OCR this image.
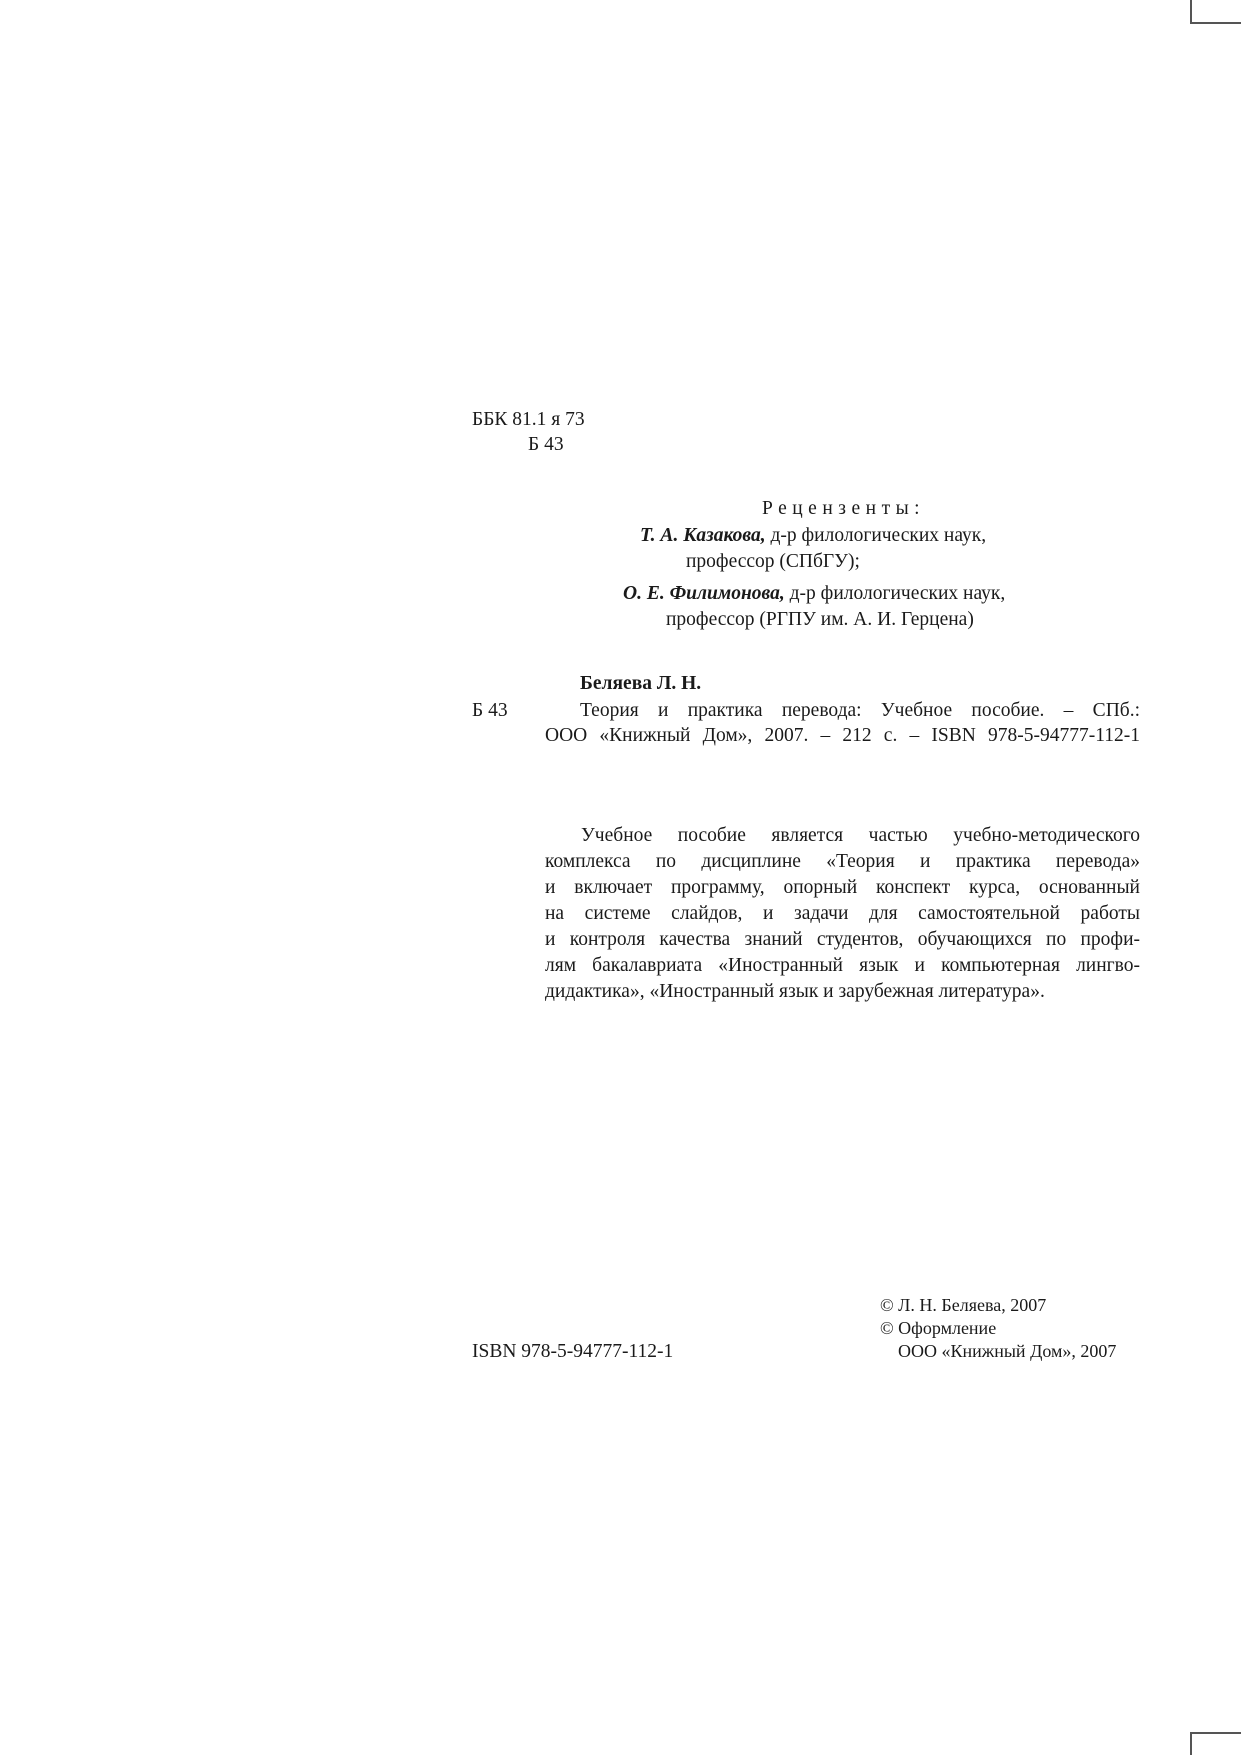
ББК 81.1 я 73
Б 43
Рецензенты:
Т. А. Казакова, д-р филологических наук,
профессор (СПбГУ);
О. Е. Филимонова, д-р филологических наук,
профессор (РГПУ им. А. И. Герцена)
Беляева Л. Н.
Б 43	Теория и практика перевода: Учебное пособие. – СПб.:
ООО «Книжный Дом», 2007. – 212 с. – ISBN 978-5-94777-112-1
Учебное пособие является частью учебно-методического
комплекса по дисциплине «Теория и практика перевода»
и включает программу, опорный конспект курса, основанный
на системе слайдов, и задачи для самостоятельной работы
и контроля качества знаний студентов, обучающихся по профи-
лям бакалавриата «Иностранный язык и компьютерная лингво-
дидактика», «Иностранный язык и зарубежная литература».
ISBN 978-5-94777-112-1
© Л. Н. Беляева, 2007
© Оформление
ООО «Книжный Дом», 2007
